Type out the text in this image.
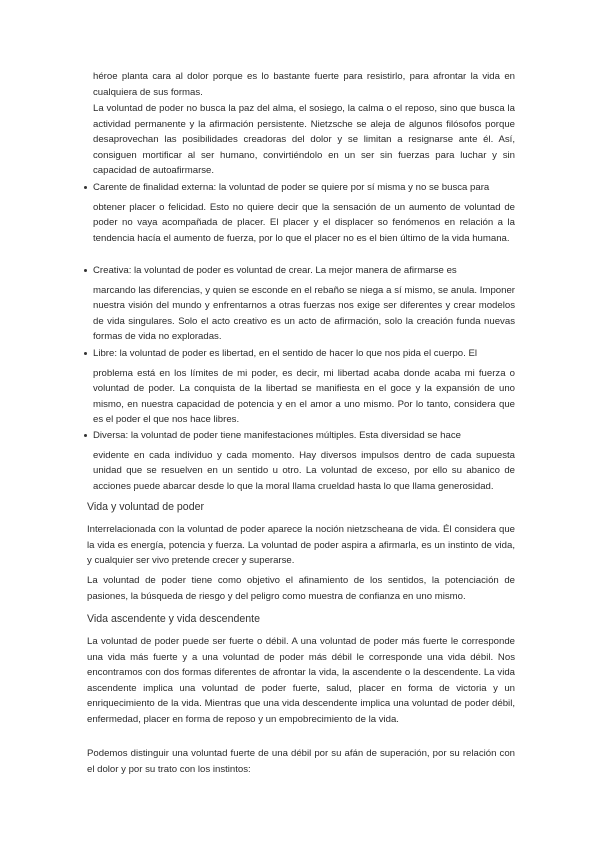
héroe planta cara al dolor porque es lo bastante fuerte para resistirlo, para afrontar la vida en cualquiera de sus formas.
La voluntad de poder no busca la paz del alma, el sosiego, la calma o el reposo, sino que busca la actividad permanente y la afirmación persistente. Nietzsche se aleja de algunos filósofos porque desaprovechan las posibilidades creadoras del dolor y se limitan a resignarse ante él. Así, consiguen mortificar al ser humano, convirtiéndolo en un ser sin fuerzas para luchar y sin capacidad de autoafirmarse.
Carente de finalidad externa: la voluntad de poder se quiere por sí misma y no se busca para
obtener placer o felicidad. Esto no quiere decir que la sensación de un aumento de voluntad de poder no vaya acompañada de placer. El placer y el displacer so fenómenos en relación a la tendencia hacía el aumento de fuerza, por lo que el placer no es el bien último de la vida humana.
Creativa: la voluntad de poder es voluntad de crear. La mejor manera de afirmarse es
marcando las diferencias, y quien se esconde en el rebaño se niega a sí mismo, se anula. Imponer nuestra visión del mundo y enfrentarnos a otras fuerzas nos exige ser diferentes y crear modelos de vida singulares. Solo el acto creativo es un acto de afirmación, solo la creación funda nuevas formas de vida no exploradas.
Libre: la voluntad de poder es libertad, en el sentido de hacer lo que nos pida el cuerpo. El
problema está en los límites de mi poder, es decir, mi libertad acaba donde acaba mi fuerza o voluntad de poder. La conquista de la libertad se manifiesta en el goce y la expansión de uno mismo, en nuestra capacidad de potencia y en el amor a uno mismo. Por lo tanto, considera que es el poder el que nos hace libres.
Diversa: la voluntad de poder tiene manifestaciones múltiples. Esta diversidad se hace
evidente en cada individuo y cada momento. Hay diversos impulsos dentro de cada supuesta unidad que se resuelven en un sentido u otro. La voluntad de exceso, por ello su abanico de acciones puede abarcar desde lo que la moral llama crueldad hasta lo que llama generosidad.
Vida y voluntad de poder
Interrelacionada con la voluntad de poder aparece la noción nietzscheana de vida. Él considera que la vida es energía, potencia y fuerza. La voluntad de poder aspira a afirmarla, es un instinto de vida, y cualquier ser vivo pretende crecer y superarse.
La voluntad de poder tiene como objetivo el afinamiento de los sentidos, la potenciación de pasiones, la búsqueda de riesgo y del peligro como muestra de confianza en uno mismo.
Vida ascendente y vida descendente
La voluntad de poder puede ser fuerte o débil. A una voluntad de poder más fuerte le corresponde una vida más fuerte y a una voluntad de poder más débil le corresponde una vida débil. Nos encontramos con dos formas diferentes de afrontar la vida, la ascendente o la descendente. La vida ascendente implica una voluntad de poder fuerte, salud, placer en forma de victoria y un enriquecimiento de la vida. Mientras que una vida descendente implica una voluntad de poder débil, enfermedad, placer en forma de reposo y un empobrecimiento de la vida.
Podemos distinguir una voluntad fuerte de una débil por su afán de superación, por su relación con el dolor y por su trato con los instintos:
